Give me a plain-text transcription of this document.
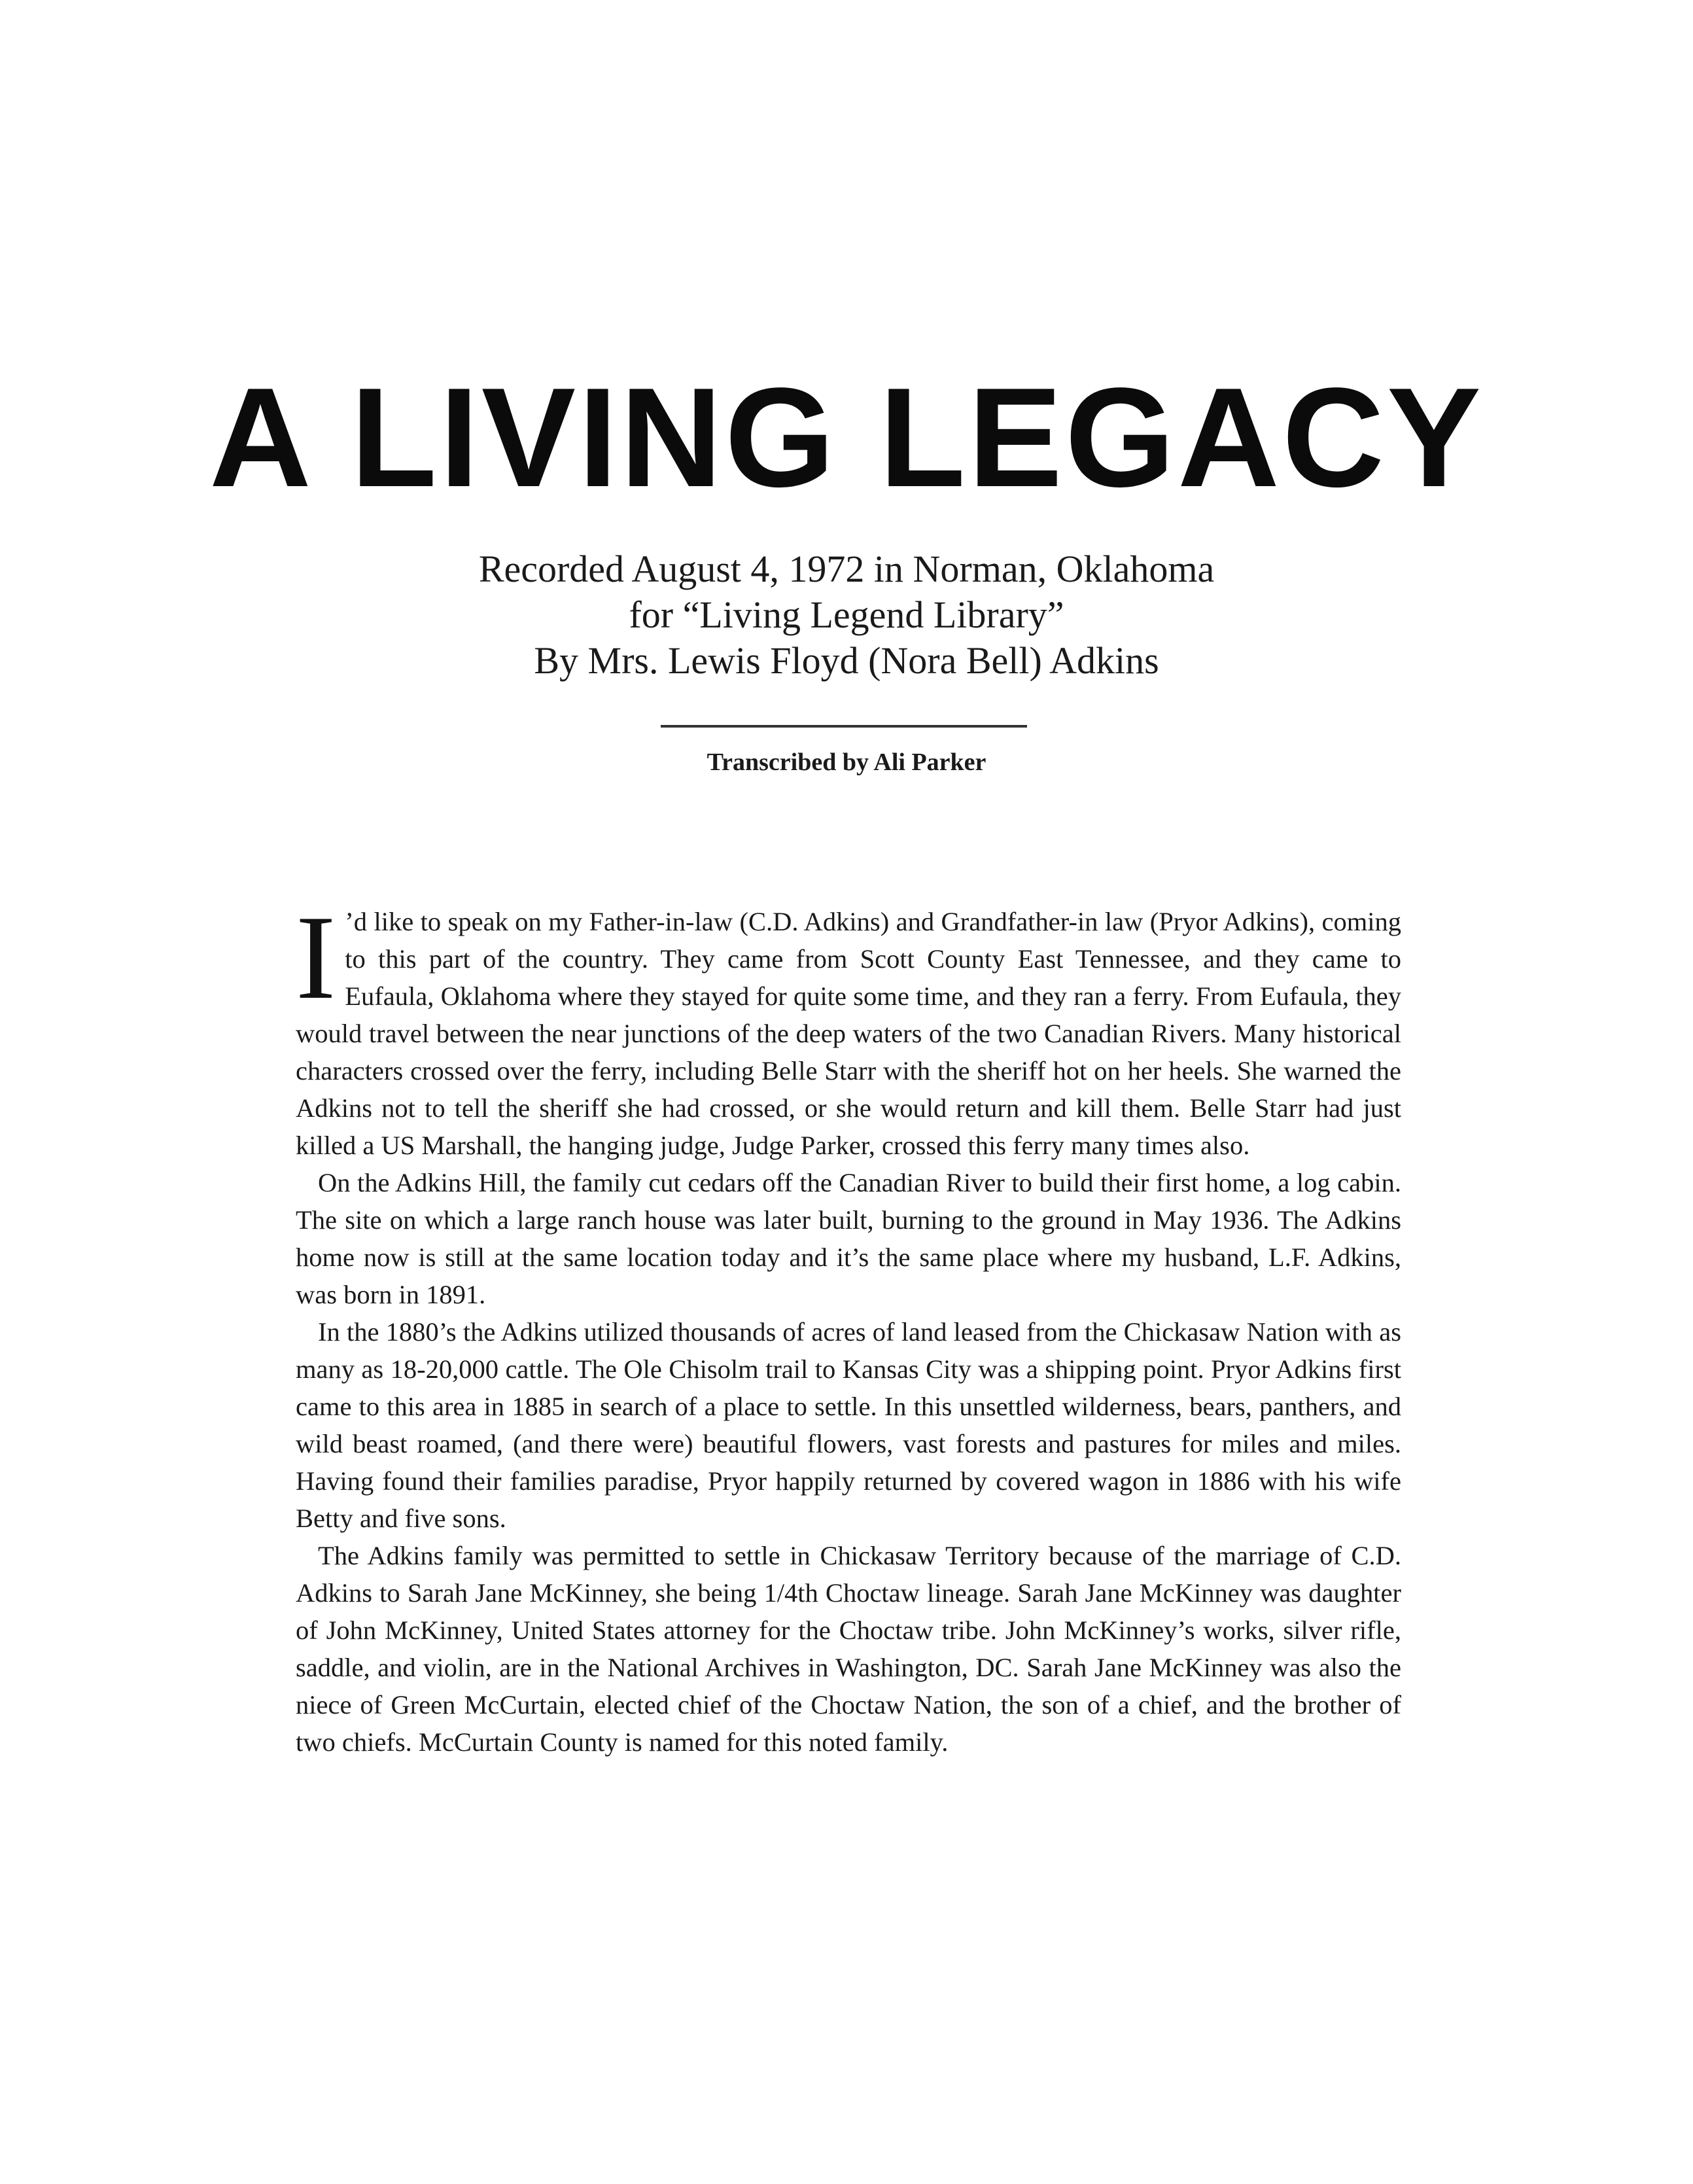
A LIVING LEGACY
Recorded August 4, 1972 in Norman, Oklahoma
for “Living Legend Library”
By Mrs. Lewis Floyd (Nora Bell) Adkins
Transcribed by Ali Parker

I ’d like to speak on my Father-in-law (C.D. Adkins) and Grandfather-in law (Pryor Adkins), coming to this part of the country. They came from Scott County East Tennessee, and they came to Eufaula, Oklahoma where they stayed for quite some time, and they ran a ferry. From Eufaula, they would travel between the near junctions of the deep waters of the two Canadian Rivers. Many historical characters crossed over the ferry, including Belle Starr with the sheriff hot on her heels. She warned the Adkins not to tell the sheriff she had crossed, or she would return and kill them. Belle Starr had just killed a US Marshall, the hanging judge, Judge Parker, crossed this ferry many times also.

On the Adkins Hill, the family cut cedars off the Canadian River to build their first home, a log cabin. The site on which a large ranch house was later built, burning to the ground in May 1936. The Adkins home now is still at the same location today and it’s the same place where my husband, L.F. Adkins, was born in 1891.

In the 1880’s the Adkins utilized thousands of acres of land leased from the Chickasaw Nation with as many as 18-20,000 cattle. The Ole Chisolm trail to Kansas City was a shipping point. Pryor Adkins first came to this area in 1885 in search of a place to settle. In this unsettled wilderness, bears, panthers, and wild beast roamed, (and there were) beautiful flowers, vast forests and pastures for miles and miles. Having found their families paradise, Pryor happily returned by covered wagon in 1886 with his wife Betty and five sons.

The Adkins family was permitted to settle in Chickasaw Territory because of the marriage of C.D. Adkins to Sarah Jane McKinney, she being 1/4th Choctaw lineage. Sarah Jane McKinney was daughter of John McKinney, United States attorney for the Choctaw tribe. John McKinney’s works, silver rifle, saddle, and violin, are in the National Archives in Washington, DC. Sarah Jane McKinney was also the niece of Green McCurtain, elected chief of the Choctaw Nation, the son of a chief, and the brother of two chiefs. McCurtain County is named for this noted family.
